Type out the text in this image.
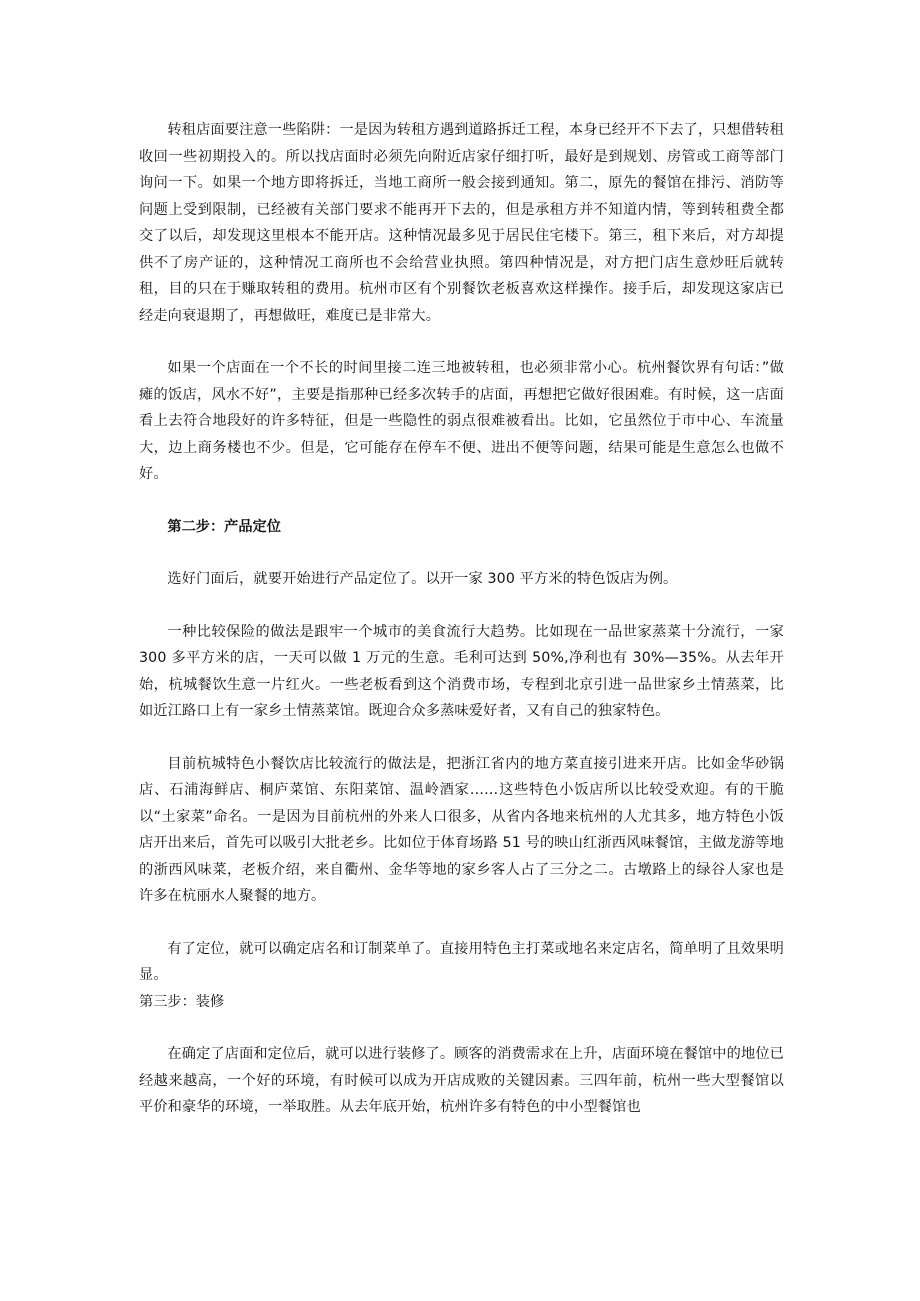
转租店面要注意一些陷阱：一是因为转租方遇到道路拆迁工程，本身已经开不下去了，只想借转租收回一些初期投入的。所以找店面时必须先向附近店家仔细打听，最好是到规划、房管或工商等部门询问一下。如果一个地方即将拆迁，当地工商所一般会接到通知。第二，原先的餐馆在排污、消防等问题上受到限制，已经被有关部门要求不能再开下去的，但是承租方并不知道内情，等到转租费全都交了以后，却发现这里根本不能开店。这种情况最多见于居民住宅楼下。第三，租下来后，对方却提供不了房产证的，这种情况工商所也不会给营业执照。第四种情况是，对方把门店生意炒旺后就转租，目的只在于赚取转租的费用。杭州市区有个别餐饮老板喜欢这样操作。接手后，却发现这家店已经走向衰退期了，再想做旺，难度已是非常大。

如果一个店面在一个不长的时间里接二连三地被转租，也必须非常小心。杭州餐饮界有句话：”做瘫的饭店，风水不好”，主要是指那种已经多次转手的店面，再想把它做好很困难。有时候，这一店面看上去符合地段好的许多特征，但是一些隐性的弱点很难被看出。比如，它虽然位于市中心、车流量大，边上商务楼也不少。但是，它可能存在停车不便、进出不便等问题，结果可能是生意怎么也做不好。

第二步：产品定位

选好门面后，就要开始进行产品定位了。以开一家 300 平方米的特色饭店为例。

一种比较保险的做法是跟牢一个城市的美食流行大趋势。比如现在一品世家蒸菜十分流行，一家 300 多平方米的店，一天可以做 1 万元的生意。毛利可达到 50%,净利也有 30%—35%。从去年开始，杭城餐饮生意一片红火。一些老板看到这个消费市场，专程到北京引进一品世家乡土情蒸菜，比如近江路口上有一家乡土情蒸菜馆。既迎合众多蒸味爱好者，又有自己的独家特色。

目前杭城特色小餐饮店比较流行的做法是，把浙江省内的地方菜直接引进来开店。比如金华砂锅店、石浦海鲜店、桐庐菜馆、东阳菜馆、温岭酒家……这些特色小饭店所以比较受欢迎。有的干脆以“土家菜”命名。一是因为目前杭州的外来人口很多，从省内各地来杭州的人尤其多，地方特色小饭店开出来后，首先可以吸引大批老乡。比如位于体育场路 51 号的映山红浙西风味餐馆，主做龙游等地的浙西风味菜，老板介绍，来自衢州、金华等地的家乡客人占了三分之二。古墩路上的绿谷人家也是许多在杭丽水人聚餐的地方。

有了定位，就可以确定店名和订制菜单了。直接用特色主打菜或地名来定店名，简单明了且效果明显。

第三步：装修

在确定了店面和定位后，就可以进行装修了。顾客的消费需求在上升，店面环境在餐馆中的地位已经越来越高，一个好的环境，有时候可以成为开店成败的关键因素。三四年前，杭州一些大型餐馆以平价和豪华的环境，一举取胜。从去年底开始，杭州许多有特色的中小型餐馆也
